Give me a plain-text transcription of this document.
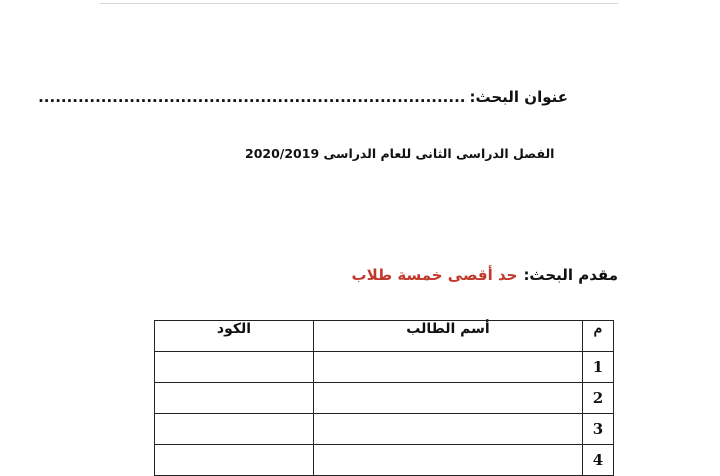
عنوان البحث:...........................................................................
الفصل الدراسى الثانى للعام الدراسى 2020/2019
مقدم البحث:حد أقصى خمسة طلاب
م	أسم الطالب	الكود
1		
2		
3		
4		
